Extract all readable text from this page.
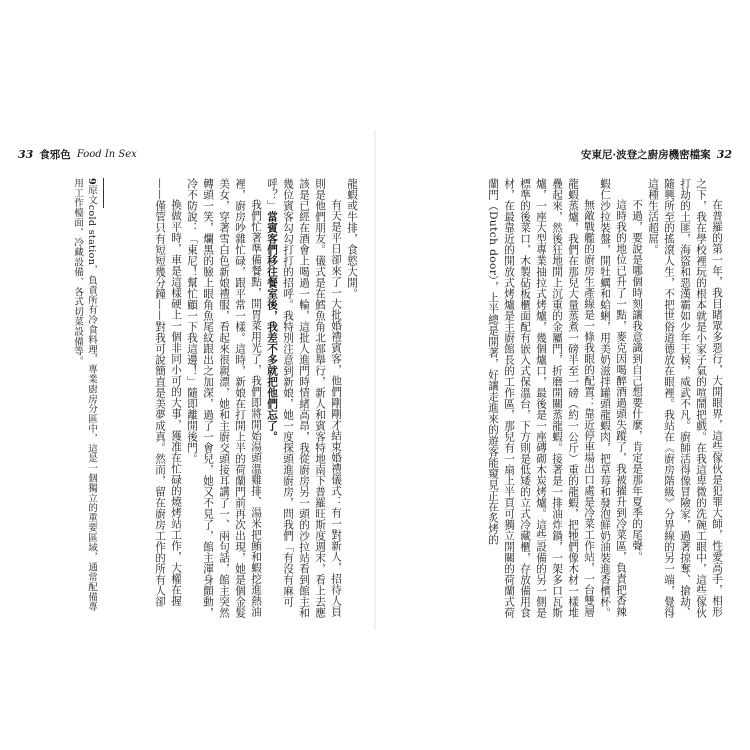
33 食邪色 Food In Sex	安東尼·波登之廚房機密檔案 32

在普羅的第一年，我目睹眾多惡行，大開眼界，這些傢伙是犯罪大師，性愛高手，相形之下，我在學校裡玩的根本就是小家子氣的喧鬧把戲。在我這卑微的洗碗工眼中，這些傢伙打劫的土匪，海盜和惡漢霸如少年王候，威武不凡。廚師活得像冒險家，過著掠奪、搶劫、隨興所至的搖滾人生，不把世俗道德放在眼裡。我站在《廚房階級》分界線的另一端，覺得這種生活超屌。

不過，要說是哪個時刻讓我意識到自己想要什麼，肯定是那年夏季的尾聲。

這時我的地位已升了一點，麥克因喝醉酒過頭失蹤了，我被擢升到冷菜區，負責把香辣蝦仁沙拉裝盤，開牡蠣和蛤蜊，用美奶滋拌罐頭龍蝦肉，把草莓和發泡鮮奶油裝進香檳杯。

無敵戰艦的廚房生產線是一條我眼的配置：靠近停車場出口處是冷菜工作站，一台雙層龍蝦蒸爐，我們在那兒大量蒸煮一磅半至一磅（約一公斤）重的龍蝦，把牠們像木材一樣堆疊起來，然後狂地開上沉重的金屬門，折磨開關蒸龍蝦。接著是一排油炸鍋，一架多口瓦斯爐，一座大型專業抽拉式烤爐，幾個爐口，最後是一座磚砌木炭烤爐。這些設備的另一側是標準的後菜口，木製砧板櫃面配有嵌入式保溫台，下方則是低矮的立式冷藏櫃，存放備用食材，在最靠近的開放式烤爐是主廚館長的工作區，那兒有一扇上半頁可獨立開關的荷蘭式荷蘭門（Dutch door），上半總是開著，好讓走進來的遊客能窺見正在炙烤的

龍蝦或牛排，食慾大開。

有天是平日卻來了一大批婚禮賓客，他們剛剛才結束婚禮儀式：有一對新人，招待人員則是他們朋友。儀式是在鱈魚角北部舉行，新人和賓客特地南下普羅旺斯度週末，看上去應該是已經在酒會上喝過一輪，這批人進門時情緒高昂，我從廚房另一頭的沙拉站看到館主和幾位賓客勾勾打打的招呼。我特別注意到新娘，她一度探頭進廚房，問我們「有沒有麻可呼？」當賓客們移往餐室後，我差不多就把他們忘了。

我們忙著準備餐點，開胃菜用光了，我們即將開始湯頭溫雞排、湯米把鮪和蝦挖進熱油裡，廚房吵雜忙碌，跟平常一樣。這時，新娘在打開上半的荷蘭門前再次出現，她是個金髮美女，穿著雪白色新娘禮服，看起來很親漂，她和主廚交頭接耳講了一、兩句話，館主突然轉頭一笑，爛黑的臉上眼角魚尾紋跟出之加深，過了一會兒，她又不見了，館主渾身顫動，冷不防說：「東尼！幫忙顧一下我這邊！」隨即離開後門。

換做平時，車是這樣硬上一個非同小可的大事，獲准在忙碌的燒烤站工作，大權在握——僅管只有短短幾分鐘——對我可說簡直是美夢成真。然而，留在廚房工作的所有人卻

9原文cold station，負責所有冷食料理，專業廚房分區中，這是一個獨立的重要區域，通常配備專用工作檯面、冷藏設備、各式切菜設備等。
